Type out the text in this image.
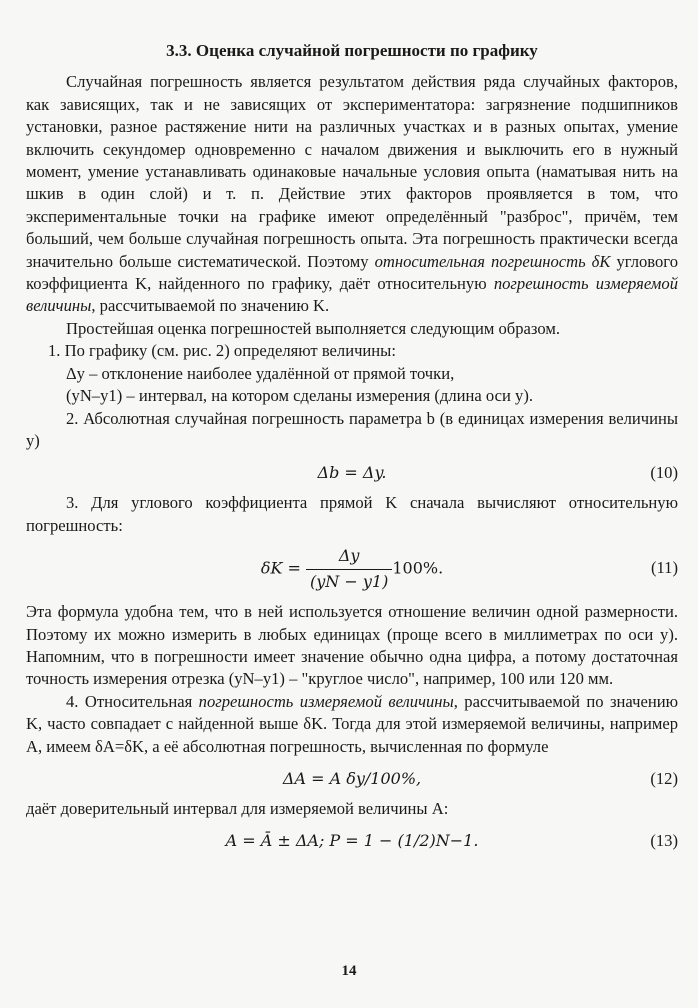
3.3. Оценка случайной погрешности по графику

Случайная погрешность является результатом действия ряда случайных факторов, как зависящих, так и не зависящих от экспериментатора: загрязнение подшипников установки, разное растяжение нити на различных участках и в разных опытах, умение включить секундомер одновременно с началом движения и выключить его в нужный момент, умение устанавливать одинаковые начальные условия опыта (наматывая нить на шкив в один слой) и т. п. Действие этих факторов проявляется в том, что экспериментальные точки на графике имеют определённый "разброс", причём, тем больший, чем больше случайная погрешность опыта. Эта погрешность практически всегда значительно больше систематической. Поэтому относительная погрешность δK углового коэффициента K, найденного по графику, даёт относительную погрешность измеряемой величины, рассчитываемой по значению K.

Простейшая оценка погрешностей выполняется следующим образом.

1. По графику (см. рис. 2) определяют величины:

Δy – отклонение наиболее удалённой от прямой точки,

(yN–y1) – интервал, на котором сделаны измерения (длина оси y).

2. Абсолютная случайная погрешность параметра b (в единицах измерения величины y)

Δb = Δy.	(10)

3. Для углового коэффициента прямой K сначала вычисляют относительную погрешность:

$\delta K = \frac{\Delta y}{(yN - y1)} 100\%$.	(11)

Эта формула удобна тем, что в ней используется отношение величин одной размерности. Поэтому их можно измерить в любых единицах (проще всего в миллиметрах по оси y). Напомним, что в погрешности имеет значение обычно одна цифра, а потому достаточная точность измерения отрезка (yN–y1) – "круглое число", например, 100 или 120 мм.

4. Относительная погрешность измеряемой величины, рассчитываемой по значению K, часто совпадает с найденной выше δK. Тогда для этой измеряемой величины, например A, имеем δA=δK, а её абсолютная погрешность, вычисленная по формуле

ΔA = A δy/100%,	(12)

даёт доверительный интервал для измеряемой величины A:

A = Ā ± ΔA; P = 1 − (1/2)N−1.	(13)
14
